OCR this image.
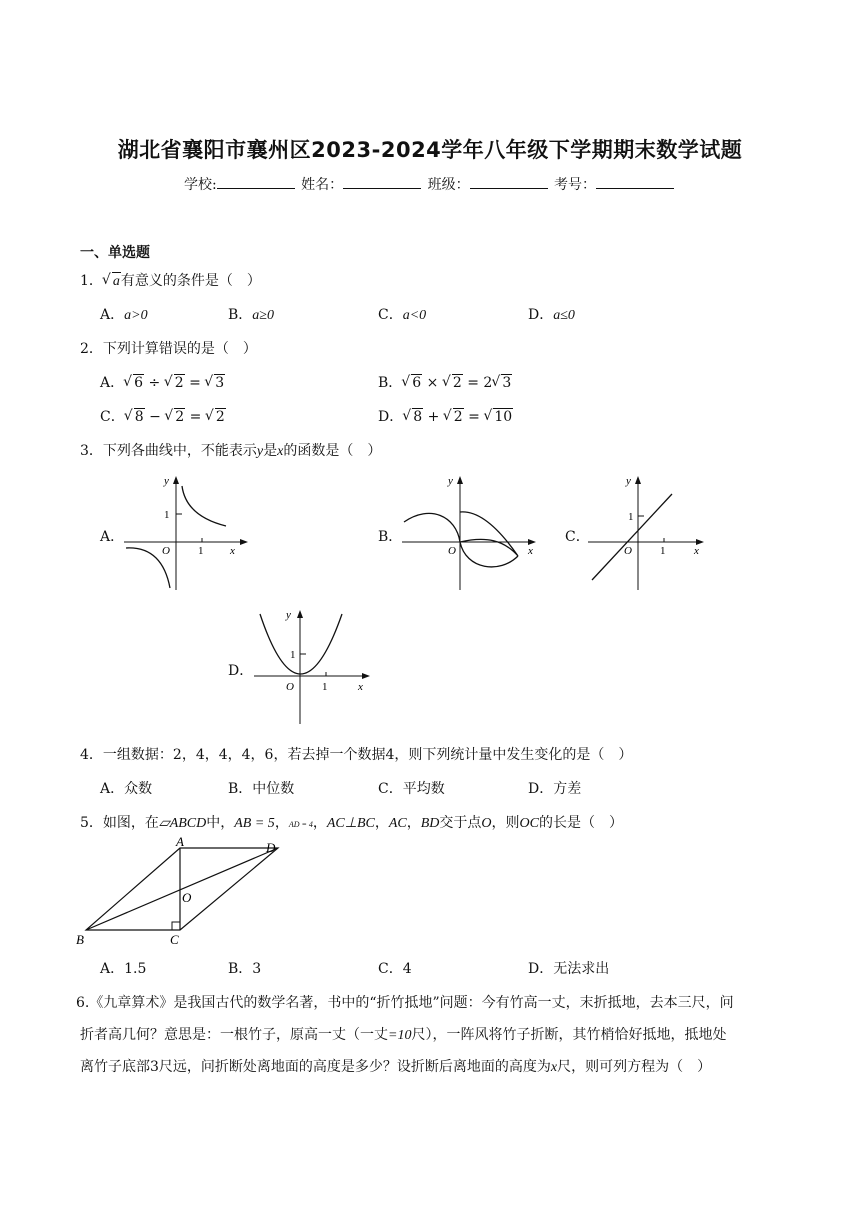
湖北省襄阳市襄州区2023-2024学年八年级下学期期末数学试题
学校:	姓名：	班级：	考号：
一、单选题
1． √ a有意义的条件是（　）
A．a>0	B．a≥0	C．a<0	D．a≤0
2．下列计算错误的是（　）
A． √ 6 ÷ √ 2 = √ 3	B． √ 6 × √ 2 = 2 √ 3
C． √ 8 − √ 2 = √ 2	D． √ 8 + √ 2 = √ 10
3．下列各曲线中，不能表示y是x的函数是（　）
A．	B．	C．
D．
1
1
O
y
x	O
y
x
1
1
O
y
x
1
1
O
y
x
4．一组数据：2，4，4，4，6，若去掉一个数据4，则下列统计量中发生变化的是（　）
A．众数	B．中位数	C．平均数	D．方差
5．如图，在▱ABCD中，AB = 5，AD = 4，AC⊥BC，AC，BD交于点O，则OC的长是（　）
A	D
O
B	C
A．1.5	B．3	C．4	D．无法求出
6.《九章算术》是我国古代的数学名著，书中的“折竹抵地”问题：今有竹高一丈，末折抵地，去本三尺，问
折者高几何？意思是：一根竹子，原高一丈（一丈=10尺），一阵风将竹子折断，其竹梢恰好抵地，抵地处
离竹子底部3尺远，问折断处离地面的高度是多少？设折断后离地面的高度为x尺，则可列方程为（　）
